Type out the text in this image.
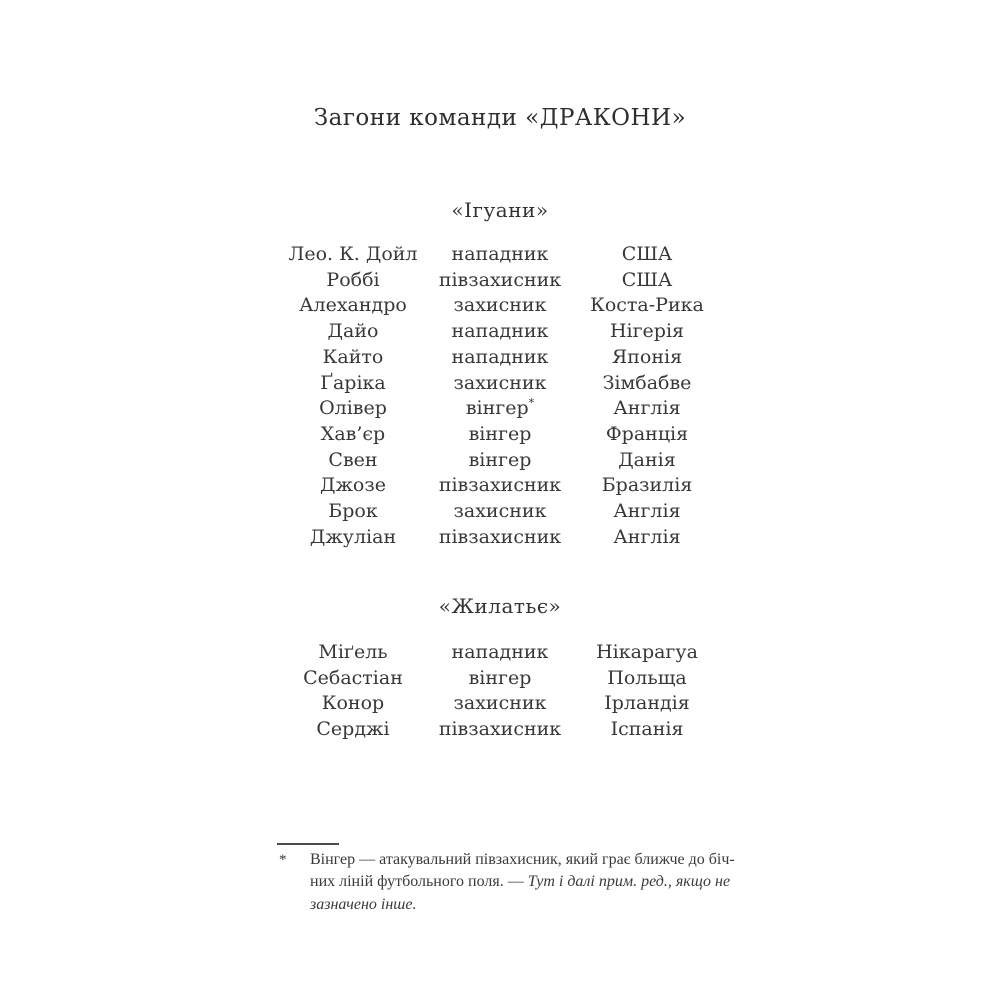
Загони команди «ДРАКОНИ»
«Ігуани»
Лео. К. Дойл	нападник	США
Роббі	півзахисник	США
Алехандро	захисник	Коста-Рика
Дайо	нападник	Нігерія
Кайто	нападник	Японія
Ґаріка	захисник	Зімбабве
Олівер	вінгер*	Англія
Хав’єр	вінгер	Франція
Свен	вінгер	Данія
Джозе	півзахисник	Бразилія
Брок	захисник	Англія
Джуліан	півзахисник	Англія
«Жилатьє»
Міґель	нападник	Нікарагуа
Себастіан	вінгер	Польща
Конор	захисник	Ірландія
Серджі	півзахисник	Іспанія
* Вінгер — атакувальний півзахисник, який грає ближче до біч-
них ліній футбольного поля. — Тут і далі прим. ред., якщо не
зазначено інше.
